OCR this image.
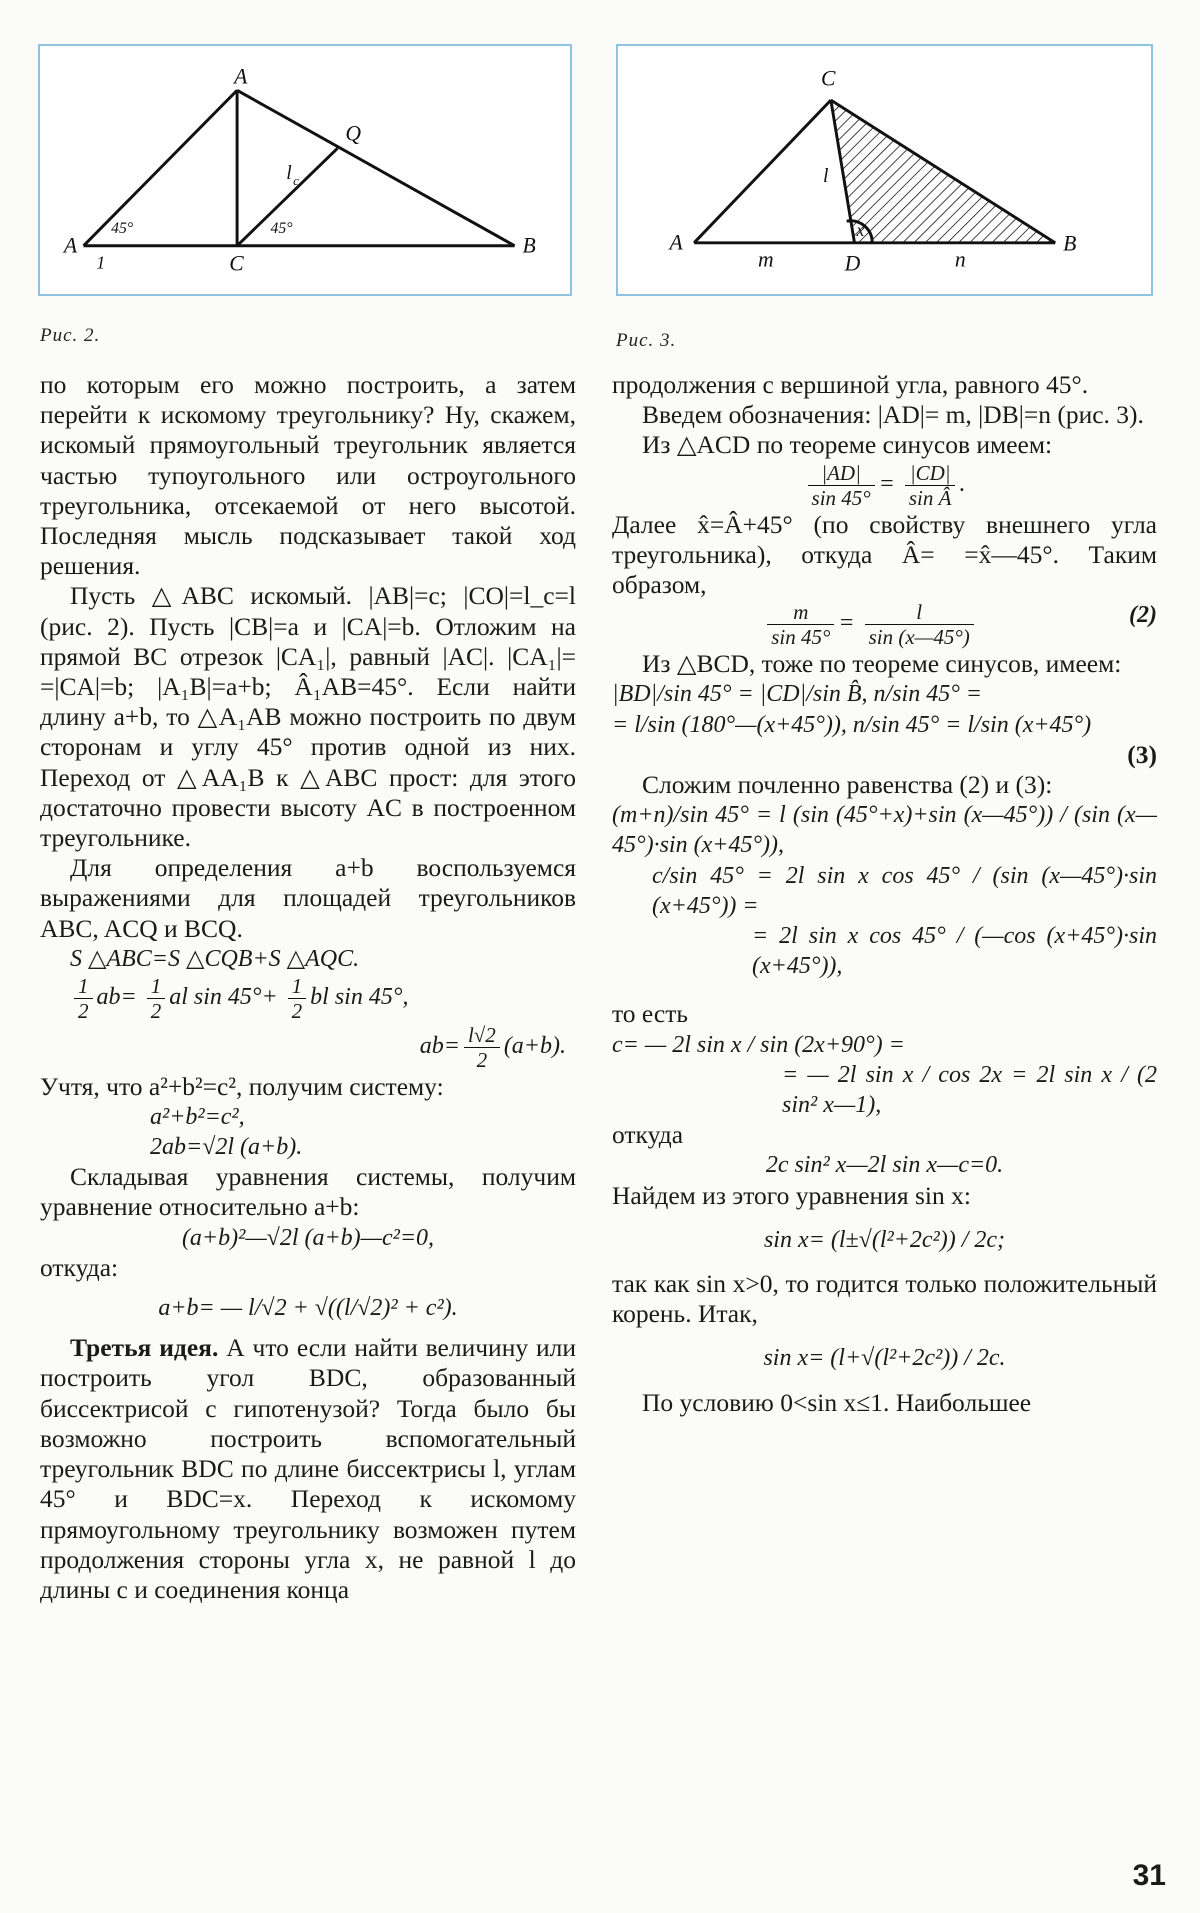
A
A
Q
l c
B
C
1
45°	45°
Рис. 2.
C
A	B
D
l
x
m	n
Рис. 3.

по которым его можно построить, а затем перейти к искомому треугольнику? Ну, скажем, искомый прямоугольный треугольник является частью тупоугольного или остроугольного треугольника, отсекаемой от него высотой. Последняя мысль подсказывает такой ход решения.

Пусть △ABC искомый. |AB|=c; |CO|=l_c=l (рис. 2). Пусть |CB|=a и |CA|=b. Отложим на прямой BC отрезок |CA₁|, равный |AC|. |CA₁|= =|CA|=b; |A₁B|=a+b; Â₁AB=45°. Если найти длину a+b, то △A₁AB можно построить по двум сторонам и углу 45° против одной из них. Переход от △AA₁B к △ABC прост: для этого достаточно провести высоту AC в построенном треугольнике.

Для определения a+b воспользуемся выражениями для площадей треугольников ABC, ACQ и BCQ.

S △ABC=S △CQB+S △AQC.

$\frac{1}{2} ab= \frac{1}{2}$ al $\sin 45^\circ+ \frac{1}{2}$ bl sin 45°,

$ab= \frac{l√2}{2} (a+b)$.

Учтя, что a²+b²=c², получим систему:

a²+b²=c²,
2ab=√2l (a+b).

Складывая уравнения системы, получим уравнение относительно a+b:

(a+b)²—√2l (a+b)—c²=0,

откуда:

a+b= — l/√2 + √((l/√2)² + c²).

Третья идея. А что если найти величину или построить угол BDC, образованный биссектрисой с гипотенузой? Тогда было бы возможно построить вспомогательный треугольник BDC по длине биссектрисы l, углам 45° и BDC=x. Переход к искомому прямоугольному треугольнику возможен путем продолжения стороны угла x, не равной l до длины c и соединения конца

продолжения с вершиной угла, равного 45°.

Введем обозначения: |AD|= m, |DB|=n (рис. 3).

Из △ACD по теореме синусов имеем:

$\frac{|AD|}{\sin 45^\circ} = \frac{|CD|}{\text{sin Â}}$ .

Далее x̂=Â+45° (по свойству внешнего угла треугольника), откуда Â= =x̂—45°. Таким образом,

$\frac{m}{\sin 45^\circ} = \frac{l}{\sin (x—45^\circ)}$	(2)

Из △BCD, тоже по теореме синусов, имеем:

|BD|/sin 45° = |CD|/sin B̂, n/sin 45° =

= l/sin (180°—(x+45°)), n/sin 45° = l/sin (x+45°)

(3)

Сложим почленно равенства (2) и (3):

(m+n)/sin 45° = l (sin (45°+x)+sin (x—45°)) / (sin (x—45°)·sin (x+45°)),

c/sin 45° = 2l sin x cos 45° / (sin (x—45°)·sin (x+45°)) =

= 2l sin x cos 45° / (—cos (x+45°)·sin (x+45°)),

то есть

c= — 2l sin x / sin (2x+90°) =

= — 2l sin x / cos 2x = 2l sin x / (2 sin² x—1),

откуда

2c sin² x—2l sin x—c=0.

Найдем из этого уравнения sin x:

sin x= (l±√(l²+2c²)) / 2c;

так как sin x>0, то годится только положительный корень. Итак,

sin x= (l+√(l²+2c²)) / 2c.

По условию 0<sin x≤1. Наибольшее

31
